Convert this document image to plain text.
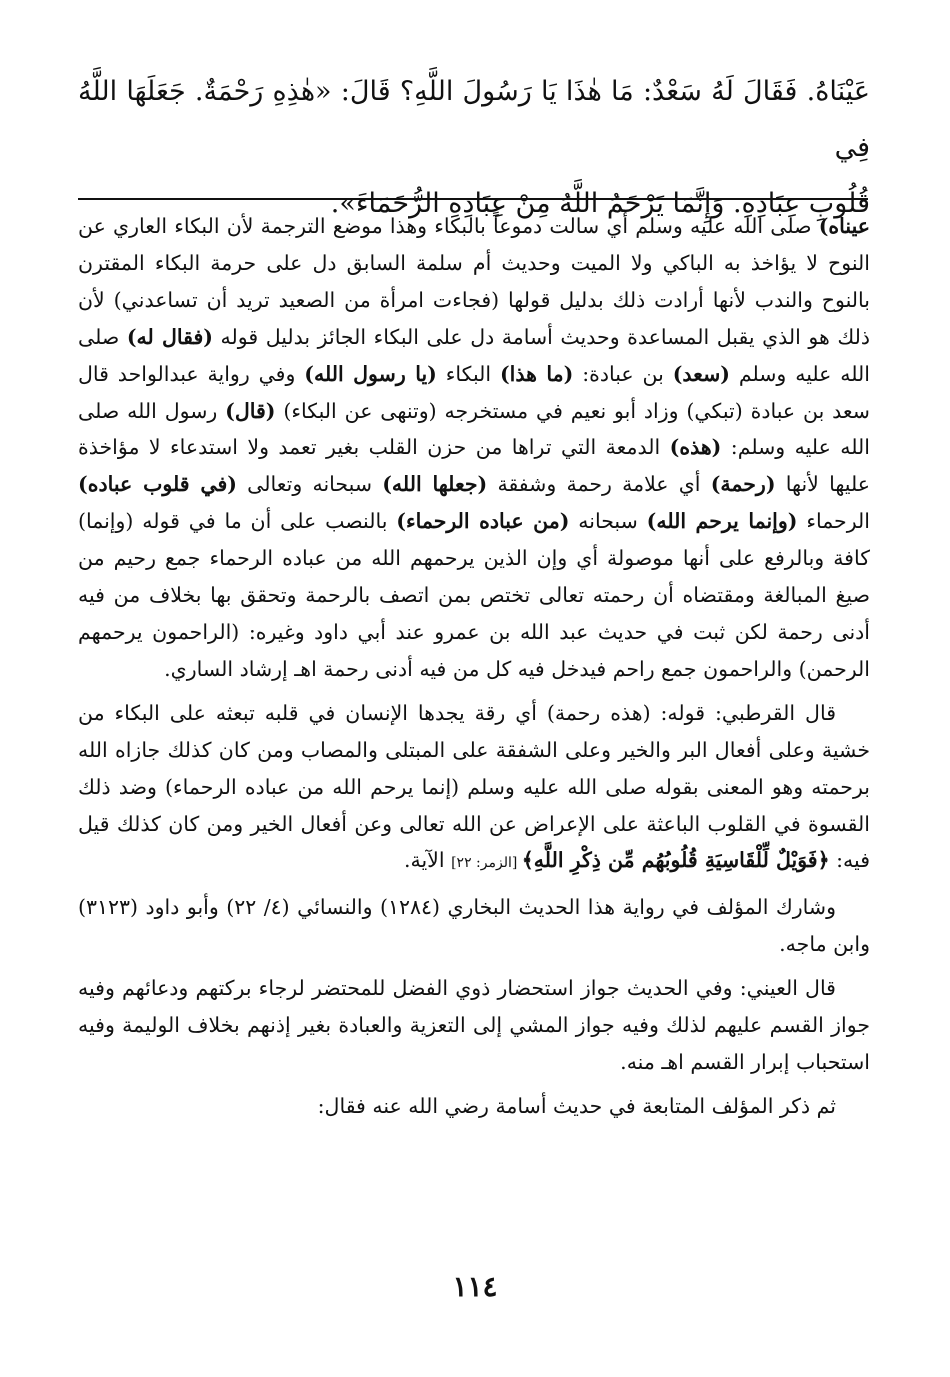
عَيْنَاهُ. فَقَالَ لَهُ سَعْدٌ: مَا هٰذَا يَا رَسُولَ اللَّهِ؟ قَالَ: «هٰذِهِ رَحْمَةٌ. جَعَلَهَا اللَّهُ فِي

قُلُوبِ عِبَادِهِ. وَإِنَّمَا يَرْحَمُ اللَّهُ مِنْ عِبَادِهِ الرُّحَمَاءَ».

عيناه) صلى الله عليه وسلم أي سالت دموعاً بالبكاء وهذا موضع الترجمة لأن البكاء العاري عن النوح لا يؤاخذ به الباكي ولا الميت وحديث أم سلمة السابق دل على حرمة البكاء المقترن بالنوح والندب لأنها أرادت ذلك بدليل قولها (فجاءت امرأة من الصعيد تريد أن تساعدني) لأن ذلك هو الذي يقبل المساعدة وحديث أسامة دل على البكاء الجائز بدليل قوله (فقال له) صلى الله عليه وسلم (سعد) بن عبادة: (ما هذا) البكاء (يا رسول الله) وفي رواية عبدالواحد قال سعد بن عبادة (تبكي) وزاد أبو نعيم في مستخرجه (وتنهى عن البكاء) (قال) رسول الله صلى الله عليه وسلم: (هذه) الدمعة التي تراها من حزن القلب بغير تعمد ولا استدعاء لا مؤاخذة عليها لأنها (رحمة) أي علامة رحمة وشفقة (جعلها الله) سبحانه وتعالى (في قلوب عباده) الرحماء (وإنما يرحم الله) سبحانه (من عباده الرحماء) بالنصب على أن ما في قوله (وإنما) كافة وبالرفع على أنها موصولة أي وإن الذين يرحمهم الله من عباده الرحماء جمع رحيم من صيغ المبالغة ومقتضاه أن رحمته تعالى تختص بمن اتصف بالرحمة وتحقق بها بخلاف من فيه أدنى رحمة لكن ثبت في حديث عبد الله بن عمرو عند أبي داود وغيره: (الراحمون يرحمهم الرحمن) والراحمون جمع راحم فيدخل فيه كل من فيه أدنى رحمة اهـ إرشاد الساري.

قال القرطبي: قوله: (هذه رحمة) أي رقة يجدها الإنسان في قلبه تبعثه على البكاء من خشية وعلى أفعال البر والخير وعلى الشفقة على المبتلى والمصاب ومن كان كذلك جازاه الله برحمته وهو المعنى بقوله صلى الله عليه وسلم (إنما يرحم الله من عباده الرحماء) وضد ذلك القسوة في القلوب الباعثة على الإعراض عن الله تعالى وعن أفعال الخير ومن كان كذلك قيل فيه: ﴿فَوَيْلٌ لِّلْقَاسِيَةِ قُلُوبُهُم مِّن ذِكْرِ اللَّهِ﴾ [الزمر: ٢٢] الآية.

وشارك المؤلف في رواية هذا الحديث البخاري (١٢٨٤) والنسائي (٤/ ٢٢) وأبو داود (٣١٢٣) وابن ماجه.

قال العيني: وفي الحديث جواز استحضار ذوي الفضل للمحتضر لرجاء بركتهم ودعائهم وفيه جواز القسم عليهم لذلك وفيه جواز المشي إلى التعزية والعبادة بغير إذنهم بخلاف الوليمة وفيه استحباب إبرار القسم اهـ منه.

ثم ذكر المؤلف المتابعة في حديث أسامة رضي الله عنه فقال:

١١٤
